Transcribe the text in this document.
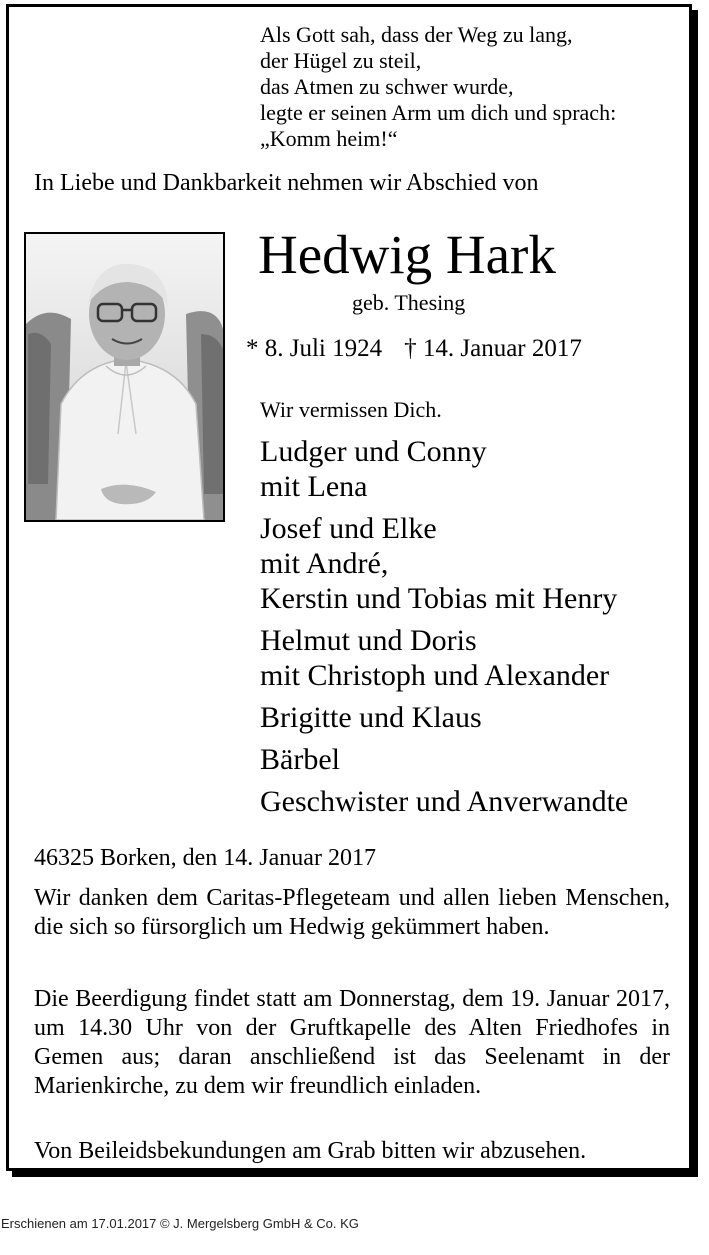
Als Gott sah, dass der Weg zu lang,
der Hügel zu steil,
das Atmen zu schwer wurde,
legte er seinen Arm um dich und sprach:
„Komm heim!“
In Liebe und Dankbarkeit nehmen wir Abschied von
Hedwig Hark
geb. Thesing
* 8. Juli 1924 † 14. Januar 2017
Wir vermissen Dich.
Ludger und Conny
mit Lena
Josef und Elke
mit André,
Kerstin und Tobias mit Henry
Helmut und Doris
mit Christoph und Alexander
Brigitte und Klaus
Bärbel
Geschwister und Anverwandte
46325 Borken, den 14. Januar 2017
Wir danken dem Caritas-Pflegeteam und allen lieben Menschen, die sich so fürsorglich um Hedwig gekümmert haben.
Die Beerdigung findet statt am Donnerstag, dem 19. Januar 2017, um 14.30 Uhr von der Gruftkapelle des Alten Friedhofes in Gemen aus; daran anschließend ist das Seelenamt in der Marienkirche, zu dem wir freundlich einladen.
Von Beileidsbekundungen am Grab bitten wir abzusehen.
Erschienen am 17.01.2017 © J. Mergelsberg GmbH & Co. KG
